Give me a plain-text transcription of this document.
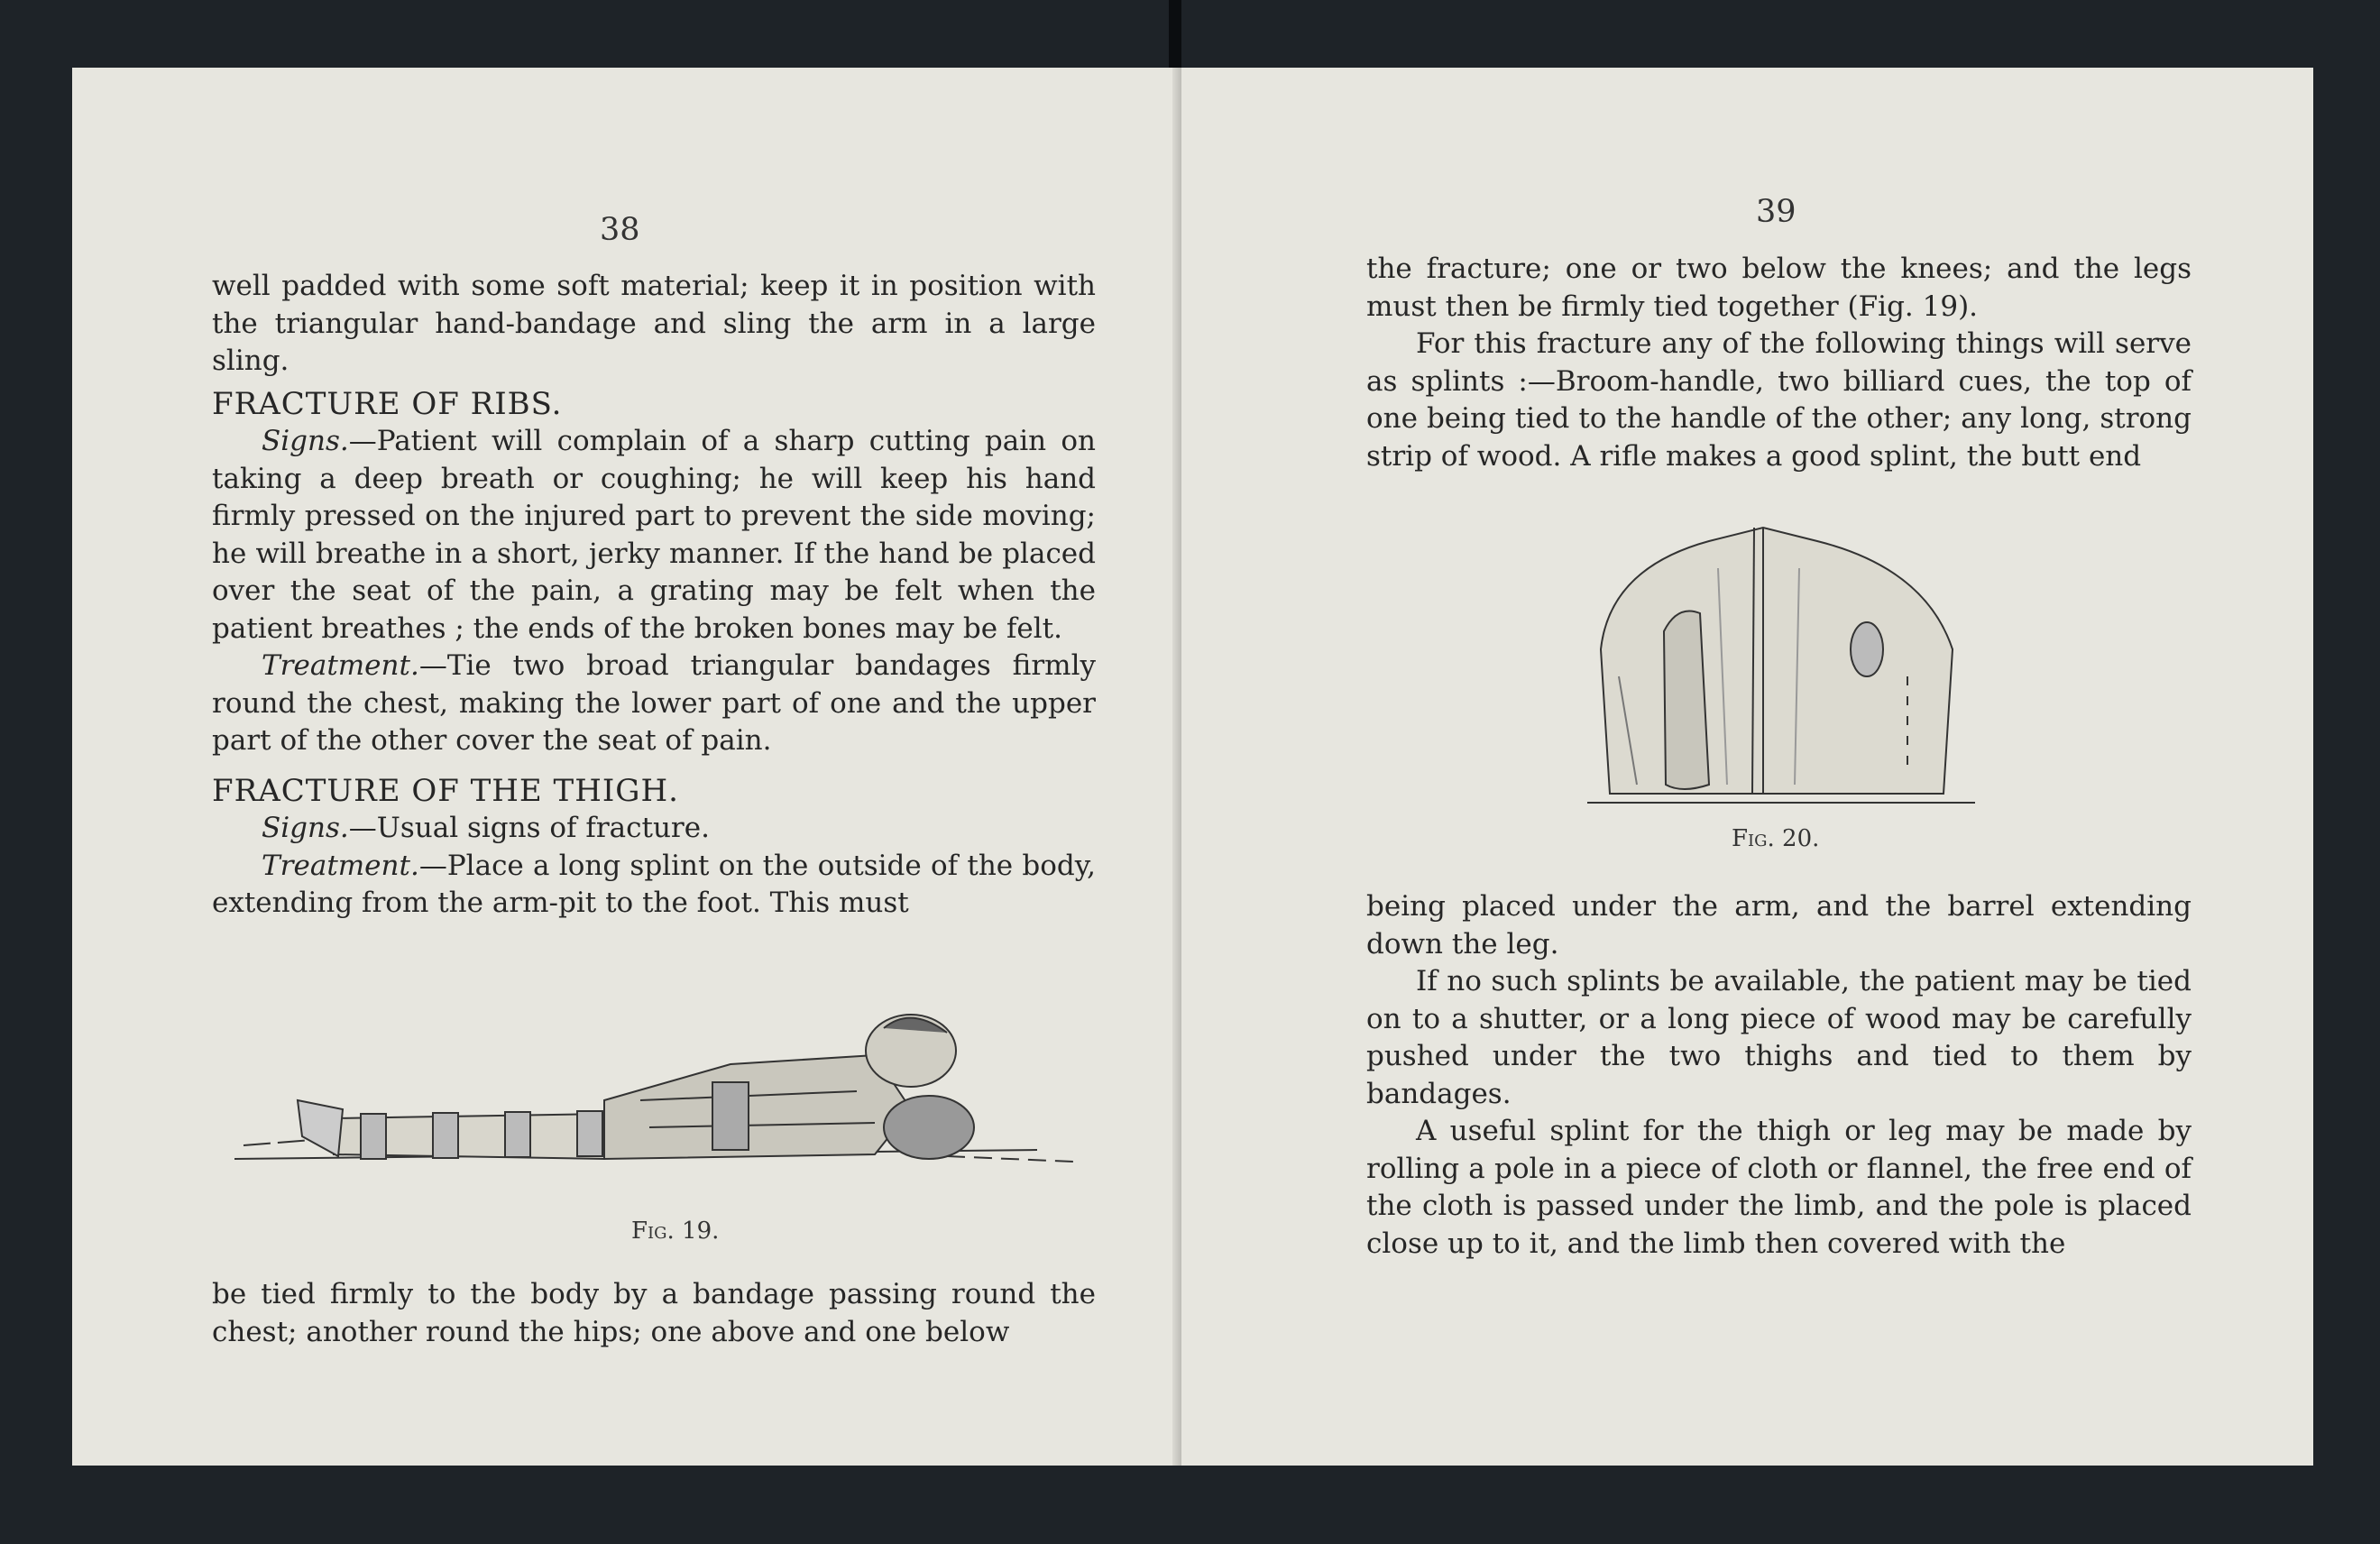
38

well padded with some soft material; keep it in position with the triangular hand-bandage and sling the arm in a large sling.

FRACTURE OF RIBS.

Signs.—Patient will complain of a sharp cutting pain on taking a deep breath or coughing; he will keep his hand firmly pressed on the injured part to prevent the side moving; he will breathe in a short, jerky manner. If the hand be placed over the seat of the pain, a grating may be felt when the patient breathes ; the ends of the broken bones may be felt.

Treatment.—Tie two broad triangular bandages firmly round the chest, making the lower part of one and the upper part of the other cover the seat of pain.

FRACTURE OF THE THIGH.

Signs.—Usual signs of fracture.

Treatment.—Place a long splint on the outside of the body, extending from the arm-pit to the foot. This must

Fig. 19.

be tied firmly to the body by a bandage passing round the chest; another round the hips; one above and one below

39

the fracture; one or two below the knees; and the legs must then be firmly tied together (Fig. 19).

For this fracture any of the following things will serve as splints :—Broom-handle, two billiard cues, the top of one being tied to the handle of the other; any long, strong strip of wood. A rifle makes a good splint, the butt end

Fig. 20.

being placed under the arm, and the barrel extending down the leg.

If no such splints be available, the patient may be tied on to a shutter, or a long piece of wood may be carefully pushed under the two thighs and tied to them by bandages.

A useful splint for the thigh or leg may be made by rolling a pole in a piece of cloth or flannel, the free end of the cloth is passed under the limb, and the pole is placed close up to it, and the limb then covered with the
